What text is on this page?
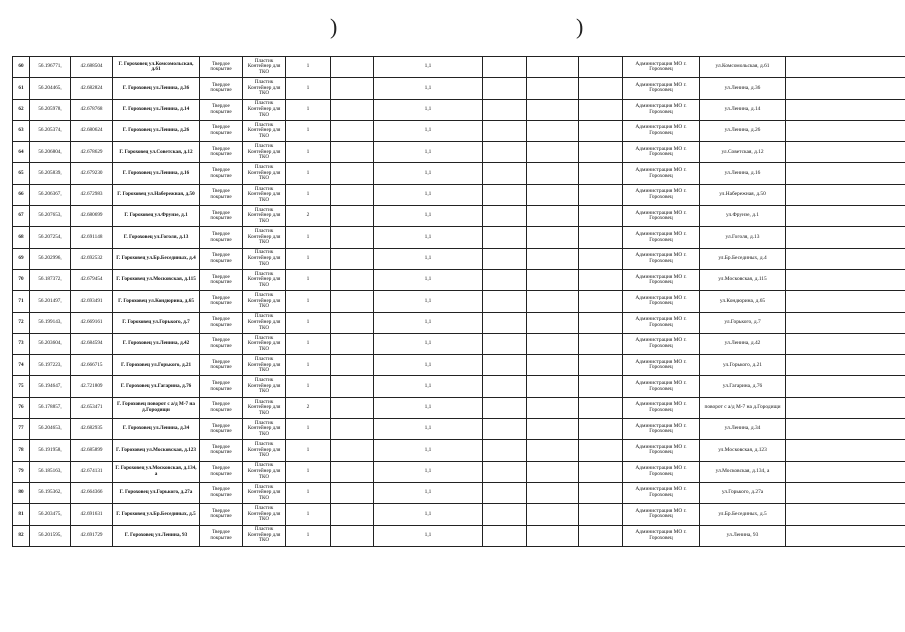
)	)
60	56.196771,	42.688504	Г. Гороховец ул.Комсомольская, д.61	Твердое покрытие	Пластик Контейнер для ТКО	1		1,1				Администрация МО г. Гороховец	ул.Комсомольская, д.61	
61	56.204465,	42.682824	Г. Гороховец ул.Ленина, д.36	Твердое покрытие	Пластик Контейнер для ТКО	1		1,1				Администрация МО г. Гороховец	ул.Ленина, д.36	
62	56.205978,	42.678768	Г. Гороховец ул.Ленина, д.14	Твердое покрытие	Пластик Контейнер для ТКО	1		1,1				Администрация МО г. Гороховец	ул.Ленина, д.14	
63	56.205374,	42.680624	Г. Гороховец ул.Ленина, д.26	Твердое покрытие	Пластик Контейнер для ТКО	1		1,1				Администрация МО г. Гороховец	ул.Ленина, д.26	
64	56.206804,	42.678629	Г. Гороховец ул.Советская, д.12	Твердое покрытие	Пластик Контейнер для ТКО	1		1,1				Администрация МО г. Гороховец	ул.Советская, д.12	
65	56.205839,	42.679230	Г. Гороховец ул.Ленина, д.16	Твердое покрытие	Пластик Контейнер для ТКО	1		1,1				Администрация МО г. Гороховец	ул.Ленина, д.16	
66	56.206367,	42.672983	Г. Гороховец ул.Набережная, д.50	Твердое покрытие	Пластик Контейнер для ТКО	1		1,1				Администрация МО г. Гороховец	ул.Набережная, д.50	
67	56.207653,	42.680699	Г. Гороховец ул.Фрунзе, д.1	Твердое покрытие	Пластик Контейнер для ТКО	2		1,1				Администрация МО г. Гороховец	ул.Фрунзе, д.1	
68	56.207254,	42.691148	Г. Гороховец ул.Гоголя, д.13	Твердое покрытие	Пластик Контейнер для ТКО	1		1,1				Администрация МО г. Гороховец	ул.Гоголя, д.13	
69	56.202996,	42.692532	Г. Гороховец ул.Бр.Бесединых, д.4	Твердое покрытие	Пластик Контейнер для ТКО	1		1,1				Администрация МО г. Гороховец	ул.Бр.Бесединых, д.4	
70	56.187372,	42.679454	Г. Гороховец ул.Московская, д.115	Твердое покрытие	Пластик Контейнер для ТКО	1		1,1				Администрация МО г. Гороховец	ул.Московская, д.115	
71	56.201497,	42.693491	Г. Гороховец ул.Кондюрина, д.65	Твердое покрытие	Пластик Контейнер для ТКО	1		1,1				Администрация МО г. Гороховец	ул.Кондюрина, д.65	
72	56.199143,	42.669161	Г. Гороховец ул.Горького, д.7	Твердое покрытие	Пластик Контейнер для ТКО	1		1,1				Администрация МО г. Гороховец	ул.Горького, д.7	
73	56.203604,	42.684594	Г. Гороховец ул.Ленина, д.42	Твердое покрытие	Пластик Контейнер для ТКО	1		1,1				Администрация МО г. Гороховец	ул.Ленина, д.42	
74	56.197223,	42.666715	Г. Гороховец ул.Горького, д.21	Твердое покрытие	Пластик Контейнер для ТКО	1		1,1				Администрация МО г. Гороховец	ул.Горького, д.21	
75	56.194647,	42.721809	Г. Гороховец ул.Гагарина, д.76	Твердое покрытие	Пластик Контейнер для ТКО	1		1,1				Администрация МО г. Гороховец	ул.Гагарина, д.76	
76	56.178857,	42.653471	Г. Гороховец поворот с а/д М-7 на д.Городищи	Твердое покрытие	Пластик Контейнер для ТКО	2		1,1				Администрация МО г. Гороховец	поворот с а/д М-7 на д.Городищи	
77	56.204653,	42.682935	Г. Гороховец ул.Ленина, д.34	Твердое покрытие	Пластик Контейнер для ТКО	1		1,1				Администрация МО г. Гороховец	ул.Ленина, д.34	
78	56.191958,	42.685899	Г. Гороховец ул.Московская, д.123	Твердое покрытие	Пластик Контейнер для ТКО	1		1,1				Администрация МО г. Гороховец	ул.Московская, д.123	
79	56.185163,	42.674131	Г. Гороховец ул.Московская, д.134, а	Твердое покрытие	Пластик Контейнер для ТКО	1		1,1				Администрация МО г. Гороховец	ул.Московская, д.134, а	
80	56.195362,	42.664366	Г. Гороховец ул.Горького, д.27а	Твердое покрытие	Пластик Контейнер для ТКО	1		1,1				Администрация МО г. Гороховец	ул.Горького, д.27а	
81	56.203475,	42.691631	Г. Гороховец ул.Бр.Бесединых, д.5	Твердое покрытие	Пластик Контейнер для ТКО	1		1,1				Администрация МО г. Гороховец	ул.Бр.Бесединых, д.5	
82	56.201595,	42.691729	Г. Гороховец ул.Ленина, 93	Твердое покрытие	Пластик Контейнер для ТКО	1		1,1				Администрация МО г. Гороховец	ул.Ленина, 93	
